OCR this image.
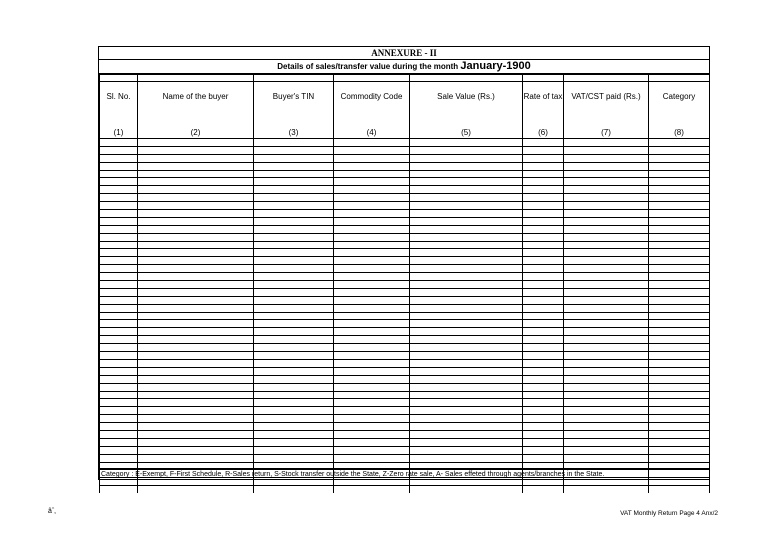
ANNEXURE - II
Details of sales/transfer value during the month January-1900

Sl. No.	Name of the buyer	Buyer's TIN	Commodity Code	Sale Value (Rs.)	Rate of tax	VAT/CST paid (Rs.)	Category

(1)	(2)	(3)	(4)	(5)	(6)	(7)	(8)

Category : E-Exempt, F-First Schedule, R-Sales return, S-Stock transfer outside the State, Z-Zero rate sale, A- Sales effeted through agents/branches in the State.
âˆ‚	VAT Monthly Return Page 4 Anx/2
